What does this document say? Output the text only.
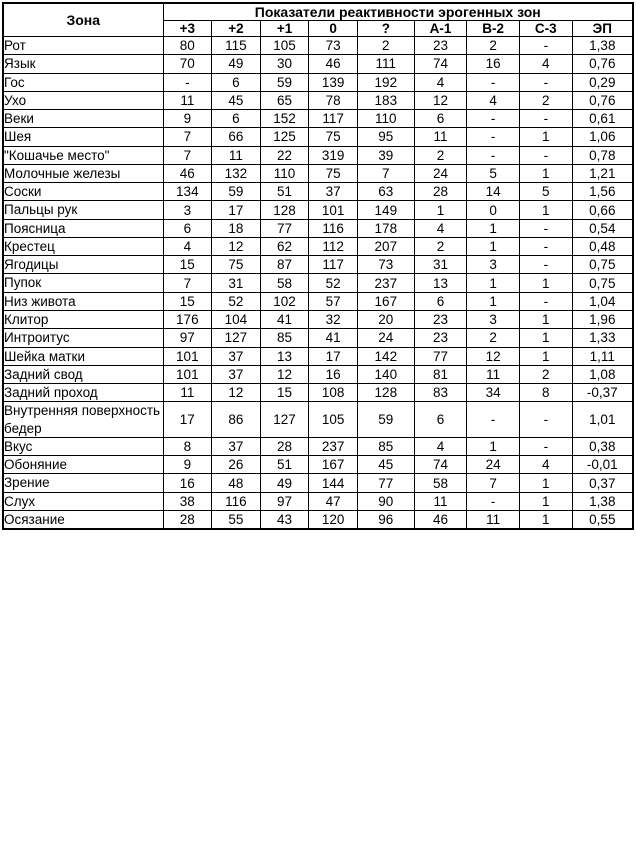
Зона	Показатели реактивности эрогенных зон								
	+3	+2	+1	0	?	А-1	В-2	С-3	ЭП
Рот	80	115	105	73	2	23	2	-	1,38
Язык	70	49	30	46	111	74	16	4	0,76
Гос	-	6	59	139	192	4	-	-	0,29
Ухо	11	45	65	78	183	12	4	2	0,76
Веки	9	6	152	117	110	6	-	-	0,61
Шея	7	66	125	75	95	11	-	1	1,06
"Кошачье место"	7	11	22	319	39	2	-	-	0,78
Молочные железы	46	132	110	75	7	24	5	1	1,21
Соски	134	59	51	37	63	28	14	5	1,56
Пальцы рук	3	17	128	101	149	1	0	1	0,66
Поясница	6	18	77	116	178	4	1	-	0,54
Крестец	4	12	62	112	207	2	1	-	0,48
Ягодицы	15	75	87	117	73	31	3	-	0,75
Пупок	7	31	58	52	237	13	1	1	0,75
Низ живота	15	52	102	57	167	6	1	-	1,04
Клитор	176	104	41	32	20	23	3	1	1,96
Интроитус	97	127	85	41	24	23	2	1	1,33
Шейка матки	101	37	13	17	142	77	12	1	1,11
Задний свод	101	37	12	16	140	81	11	2	1,08
Задний проход	11	12	15	108	128	83	34	8	-0,37
Внутренняя поверхность бедер	17	86	127	105	59	6	-	-	1,01
Вкус	8	37	28	237	85	4	1	-	0,38
Обоняние	9	26	51	167	45	74	24	4	-0,01
Зрение	16	48	49	144	77	58	7	1	0,37
Слух	38	116	97	47	90	11	-	1	1,38
Осязание	28	55	43	120	96	46	11	1	0,55
